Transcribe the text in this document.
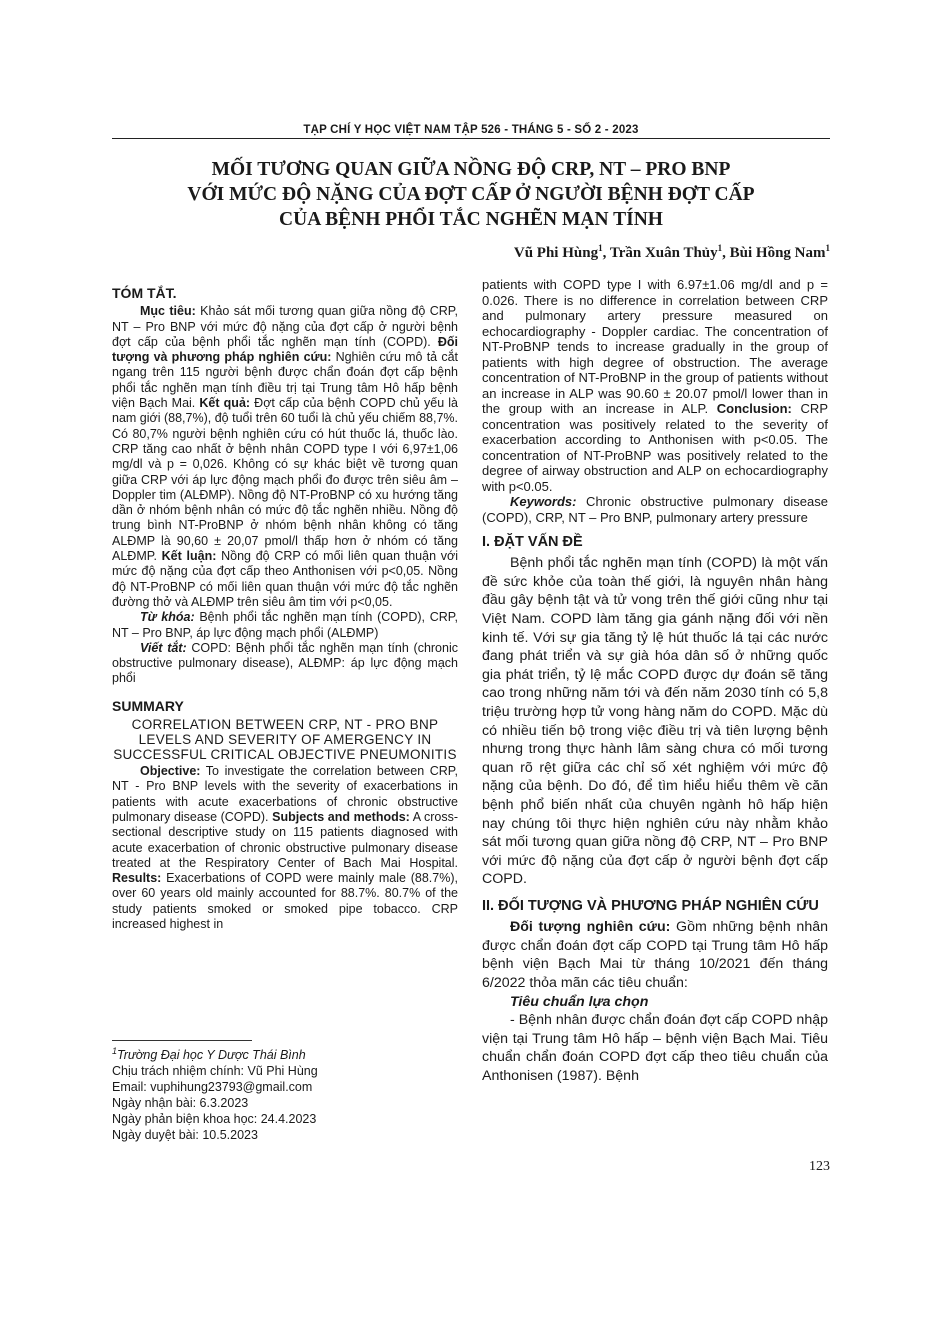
TẠP CHÍ Y HỌC VIỆT NAM TẬP 526 - THÁNG 5 - SỐ 2 - 2023
MỐI TƯƠNG QUAN GIỮA NỒNG ĐỘ CRP, NT – PRO BNP
VỚI MỨC ĐỘ NẶNG CỦA ĐỢT CẤP Ở NGƯỜI BỆNH ĐỢT CẤP
CỦA BỆNH PHỔI TẮC NGHẼN MẠN TÍNH
Vũ Phi Hùng$^1$, Trần Xuân Thủy$^1$, Bùi Hồng Nam$^1$
TÓM TẮT.

Mục tiêu: Khảo sát mối tương quan giữa nồng độ CRP, NT – Pro BNP với mức độ nặng của đợt cấp ở người bệnh đợt cấp của bệnh phổi tắc nghẽn mạn tính (COPD). Đối tượng và phương pháp nghiên cứu: Nghiên cứu mô tả cắt ngang trên 115 người bệnh được chẩn đoán đợt cấp bệnh phổi tắc nghẽn mạn tính điều trị tại Trung tâm Hô hấp bệnh viện Bạch Mai. Kết quả: Đợt cấp của bệnh COPD chủ yếu là nam giới (88,7%), độ tuổi trên 60 tuổi là chủ yếu chiếm 88,7%. Có 80,7% người bệnh nghiên cứu có hút thuốc lá, thuốc lào. CRP tăng cao nhất ở bệnh nhân COPD type I với 6,97±1,06 mg/dl và p = 0,026. Không có sự khác biệt về tương quan giữa CRP với áp lực động mạch phổi đo được trên siêu âm – Doppler tim (ALĐMP). Nồng độ NT-ProBNP có xu hướng tăng dần ở nhóm bệnh nhân có mức độ tắc nghẽn nhiều. Nồng độ trung bình NT-ProBNP ở nhóm bệnh nhân không có tăng ALĐMP là 90,60 ± 20,07 pmol/l thấp hơn ở nhóm có tăng ALĐMP. Kết luận: Nồng độ CRP có mối liên quan thuận với mức độ nặng của đợt cấp theo Anthonisen với p<0,05. Nồng độ NT-ProBNP có mối liên quan thuận với mức độ tắc nghẽn đường thở và ALĐMP trên siêu âm tim với p<0,05.

Từ khóa: Bệnh phổi tắc nghẽn mạn tính (COPD), CRP, NT – Pro BNP, áp lực động mạch phổi (ALĐMP)

Viết tắt: COPD: Bệnh phổi tắc nghẽn mạn tính (chronic obstructive pulmonary disease), ALĐMP: áp lực động mạch phổi

SUMMARY
CORRELATION BETWEEN CRP, NT - PRO BNP LEVELS AND SEVERITY OF AMERGENCY IN SUCCESSFUL CRITICAL OBJECTIVE PNEUMONITIS

Objective: To investigate the correlation between CRP, NT - Pro BNP levels with the severity of exacerbations in patients with acute exacerbations of chronic obstructive pulmonary disease (COPD). Subjects and methods: A cross-sectional descriptive study on 115 patients diagnosed with acute exacerbation of chronic obstructive pulmonary disease treated at the Respiratory Center of Bach Mai Hospital. Results: Exacerbations of COPD were mainly male (88.7%), over 60 years old mainly accounted for 88.7%. 80.7% of the study patients smoked or smoked pipe tobacco. CRP increased highest in

patients with COPD type I with 6.97±1.06 mg/dl and p = 0.026. There is no difference in correlation between CRP and pulmonary artery pressure measured on echocardiography - Doppler cardiac. The concentration of NT-ProBNP tends to increase gradually in the group of patients with high degree of obstruction. The average concentration of NT-ProBNP in the group of patients without an increase in ALP was 90.60 ± 20.07 pmol/l lower than in the group with an increase in ALP. Conclusion: CRP concentration was positively related to the severity of exacerbation according to Anthonisen with p<0.05. The concentration of NT-ProBNP was positively related to the degree of airway obstruction and ALP on echocardiography with p<0.05.

Keywords: Chronic obstructive pulmonary disease (COPD), CRP, NT – Pro BNP, pulmonary artery pressure

I. ĐẶT VẤN ĐỀ

Bệnh phổi tắc nghẽn mạn tính (COPD) là một vấn đề sức khỏe của toàn thế giới, là nguyên nhân hàng đầu gây bệnh tật và tử vong trên thế giới cũng như tại Việt Nam. COPD làm tăng gia gánh nặng đối với nền kinh tế. Với sự gia tăng tỷ lệ hút thuốc lá tại các nước đang phát triển và sự già hóa dân số ở những quốc gia phát triển, tỷ lệ mắc COPD được dự đoán sẽ tăng cao trong những năm tới và đến năm 2030 tính có 5,8 triệu trường hợp tử vong hàng năm do COPD. Mặc dù có nhiều tiến bộ trong việc điều trị và tiên lượng bệnh nhưng trong thực hành lâm sàng chưa có mối tương quan rõ rệt giữa các chỉ số xét nghiệm với mức độ nặng của bệnh. Do đó, để tìm hiểu hiểu thêm về căn bệnh phổ biến nhất của chuyên ngành hô hấp hiện nay chúng tôi thực hiện nghiên cứu này nhằm khảo sát mối tương quan giữa nồng độ CRP, NT – Pro BNP với mức độ nặng của đợt cấp ở người bệnh đợt cấp COPD.

II. ĐỐI TƯỢNG VÀ PHƯƠNG PHÁP NGHIÊN CỨU

Đối tượng nghiên cứu: Gồm những bệnh nhân được chẩn đoán đợt cấp COPD tại Trung tâm Hô hấp bệnh viện Bạch Mai từ tháng 10/2021 đến tháng 6/2022 thỏa mãn các tiêu chuẩn:

Tiêu chuẩn lựa chọn

- Bệnh nhân được chẩn đoán đợt cấp COPD nhập viện tại Trung tâm Hô hấp – bệnh viện Bạch Mai. Tiêu chuẩn chẩn đoán COPD đợt cấp theo tiêu chuẩn của Anthonisen (1987). Bệnh

$^1$Trường Đại học Y Dược Thái Bình
Chịu trách nhiệm chính: Vũ Phi Hùng
Email: vuphihung23793@gmail.com
Ngày nhận bài: 6.3.2023
Ngày phản biện khoa học: 24.4.2023
Ngày duyệt bài: 10.5.2023
123
